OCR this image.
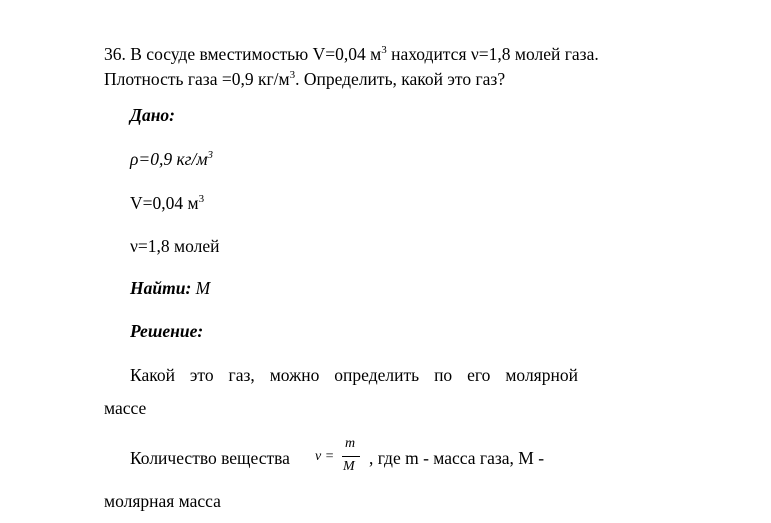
36. В сосуде вместимостью V=0,04 $м^3$ находится ν=1,8 молей газа.
Плотность газа =0,9 $кг/м^3$. Определить, какой это газ?
Дано:
ρ=0,9 $кг/м^3$
V=0,04 $м^3$
ν=1,8 молей
Найти: M
Решение:
Какой это газ, можно определить по его молярной
массе
Количество вещества ν =
m
M , где m - масса газа, M -
молярная масса
